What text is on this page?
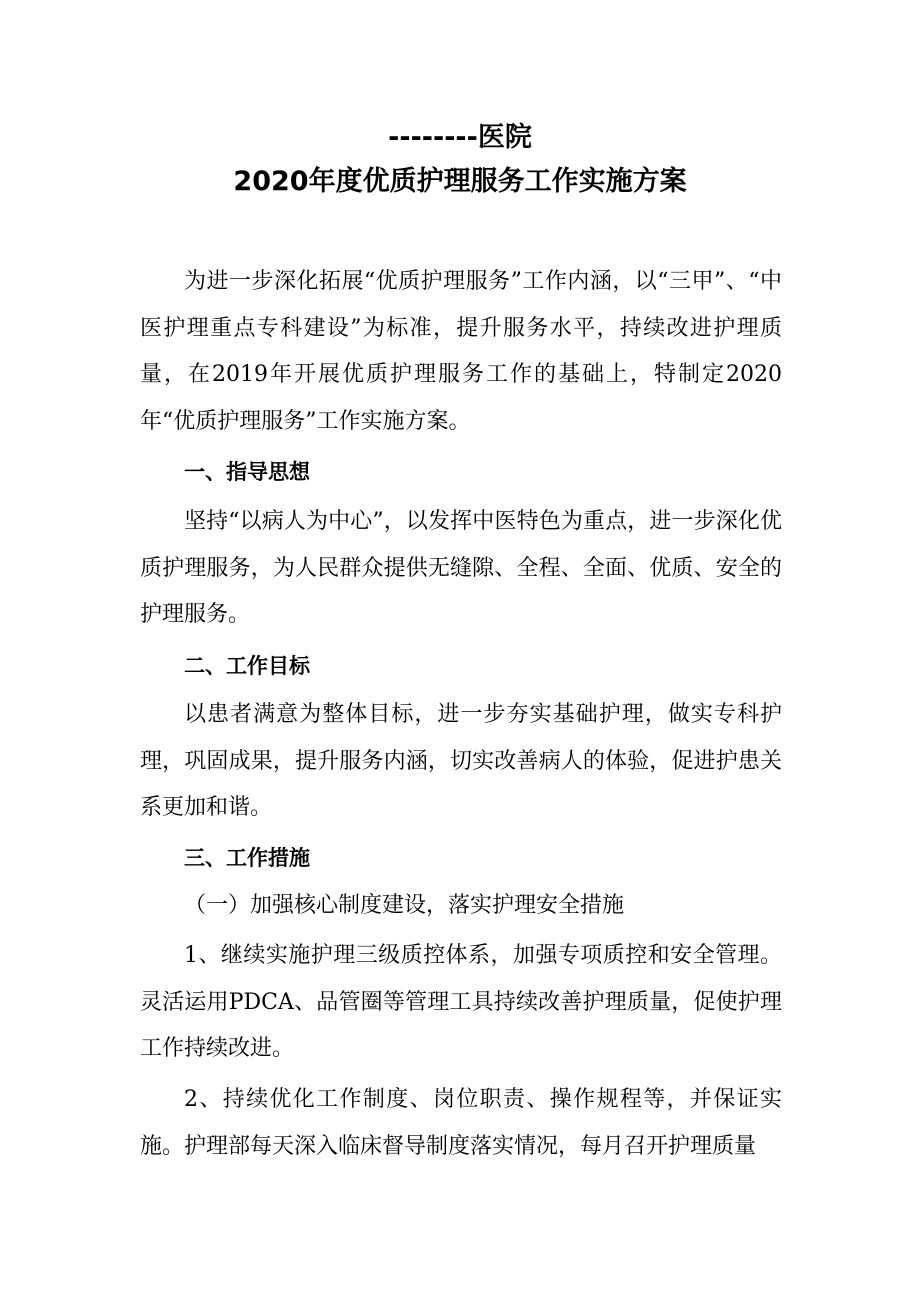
--------医院
2020年度优质护理服务工作实施方案

为进一步深化拓展“优质护理服务”工作内涵，以“三甲”、“中医护理重点专科建设”为标准，提升服务水平，持续改进护理质量，在2019年开展优质护理服务工作的基础上，特制定2020年“优质护理服务”工作实施方案。

一、指导思想

坚持“以病人为中心”，以发挥中医特色为重点，进一步深化优质护理服务，为人民群众提供无缝隙、全程、全面、优质、安全的护理服务。

二、工作目标

以患者满意为整体目标，进一步夯实基础护理，做实专科护理，巩固成果，提升服务内涵，切实改善病人的体验，促进护患关系更加和谐。

三、工作措施
（一）加强核心制度建设，落实护理安全措施

1、继续实施护理三级质控体系，加强专项质控和安全管理。灵活运用PDCA、品管圈等管理工具持续改善护理质量，促使护理工作持续改进。

2、持续优化工作制度、岗位职责、操作规程等，并保证实施。护理部每天深入临床督导制度落实情况，每月召开护理质量
